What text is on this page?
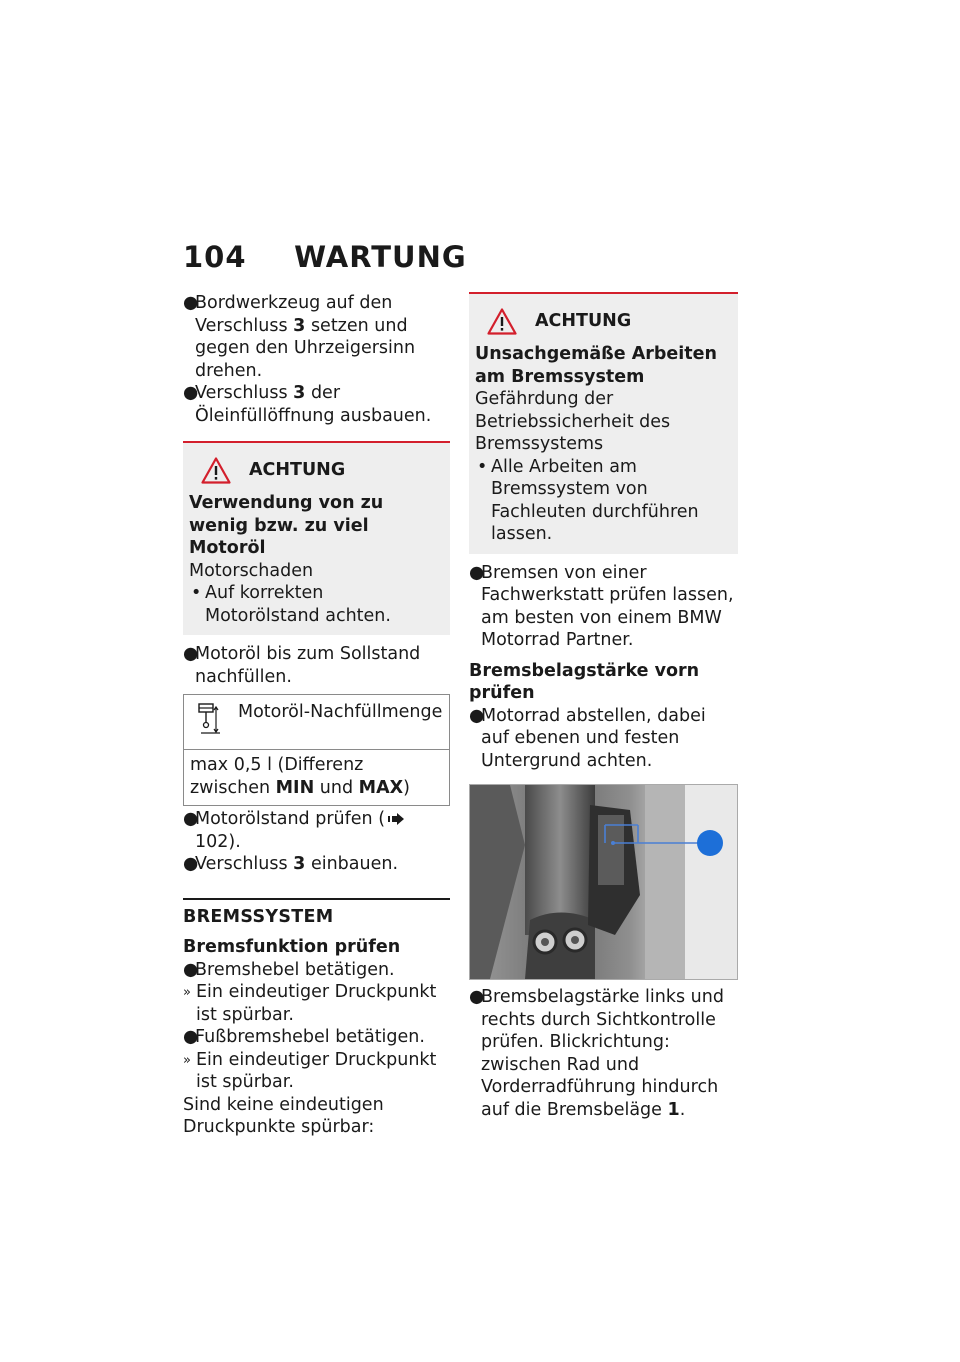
104 WARTUNG
●
Bordwerkzeug auf den Verschluss 3 setzen und gegen den Uhrzeigersinn drehen.
●
Verschluss 3 der Öleinfüllöffnung ausbauen.
ACHTUNG
Verwendung von zu wenig bzw. zu viel Motoröl
Motorschaden
• Auf korrekten Motorölstand achten.
●
Motoröl bis zum Sollstand nachfüllen.
Motoröl-Nachfüllmenge
max 0,5 l (Differenz zwischen MIN und MAX)
●
Motorölstand prüfen ( 102).
●
Verschluss 3 einbauen.
BREMSSYSTEM
Bremsfunktion prüfen
●
Bremshebel betätigen.
» Ein eindeutiger Druckpunkt ist spürbar.
●
Fußbremshebel betätigen.
» Ein eindeutiger Druckpunkt ist spürbar.
Sind keine eindeutigen Druckpunkte spürbar:
ACHTUNG
Unsachgemäße Arbeiten am Bremssystem
Gefährdung der Betriebssicherheit des Bremssystems
• Alle Arbeiten am Bremssystem von Fachleuten durchführen lassen.
●
Bremsen von einer Fachwerkstatt prüfen lassen, am besten von einem BMW Motorrad Partner.
Bremsbelagstärke vorn prüfen
●
Motorrad abstellen, dabei auf ebenen und festen Untergrund achten.
●
Bremsbelagstärke links und rechts durch Sichtkontrolle prüfen. Blickrichtung: zwischen Rad und Vorderradführung hindurch auf die Bremsbeläge 1.
1
